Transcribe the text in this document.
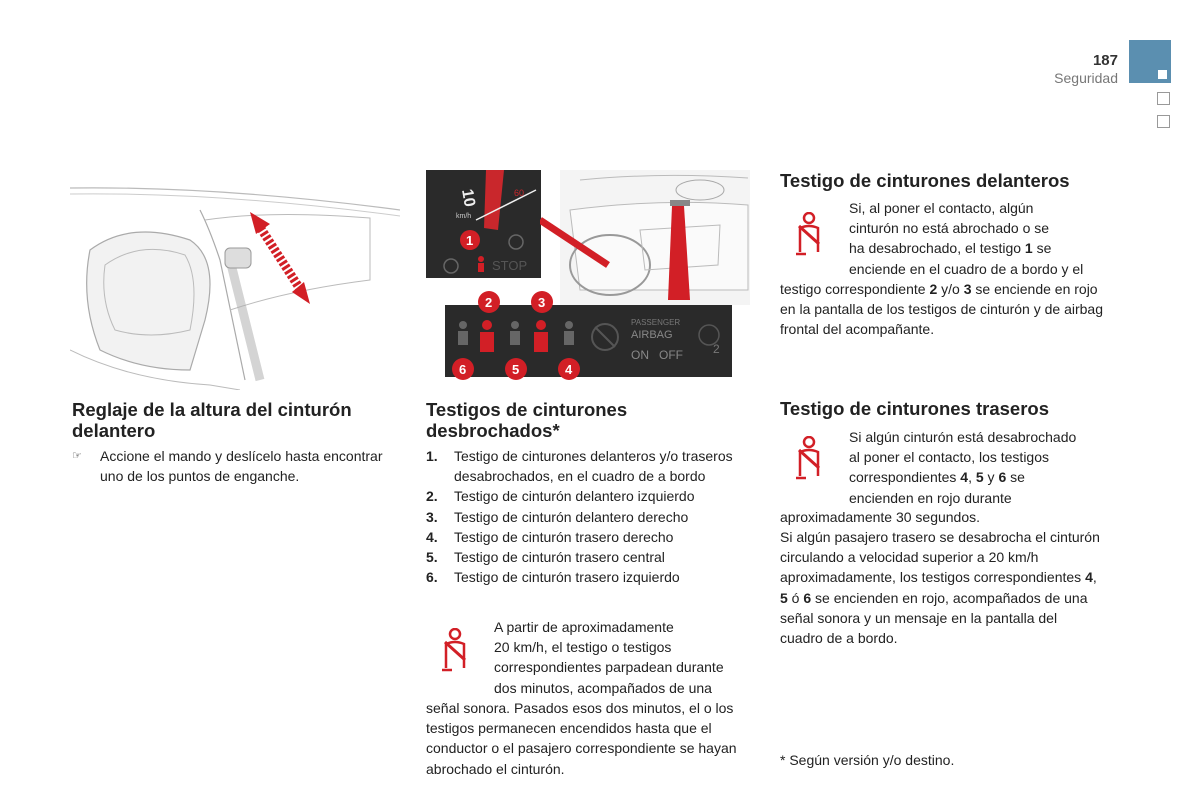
187
Seguridad
10	60
km/h
1
STOP
PASSENGER
AIRBAG
ON OFF	2
2	3
6	5	4
Reglaje de la altura del cinturón delantero
☞	Accione el mando y deslícelo hasta encontrar uno de los puntos de enganche.

Testigos de cinturones desbrochados*
1. Testigo de cinturones delanteros y/o traseros desabrochados, en el cuadro de a bordo
2. Testigo de cinturón delantero izquierdo
3. Testigo de cinturón delantero derecho
4. Testigo de cinturón trasero derecho
5. Testigo de cinturón trasero central
6. Testigo de cinturón trasero izquierdo
A partir de aproximadamente
20 km/h, el testigo o testigos
correspondientes parpadean durante
dos minutos, acompañados de una

señal sonora. Pasados esos dos minutos, el o los testigos permanecen encendidos hasta que el conductor o el pasajero correspondiente se hayan abrochado el cinturón.

Testigo de cinturones delanteros
Si, al poner el contacto, algún
cinturón no está abrochado o se
ha desabrochado, el testigo 1 se
enciende en el cuadro de a bordo y el

testigo correspondiente 2 y/o 3 se enciende en rojo en la pantalla de los testigos de cinturón y de airbag frontal del acompañante.

Testigo de cinturones traseros
Si algún cinturón está desabrochado
al poner el contacto, los testigos
correspondientes 4, 5 y 6 se
encienden en rojo durante

aproximadamente 30 segundos.

Si algún pasajero trasero se desabrocha el cinturón circulando a velocidad superior a 20 km/h aproximadamente, los testigos correspondientes 4, 5 ó 6 se encienden en rojo, acompañados de una señal sonora y un mensaje en la pantalla del cuadro de a bordo.

* Según versión y/o destino.
